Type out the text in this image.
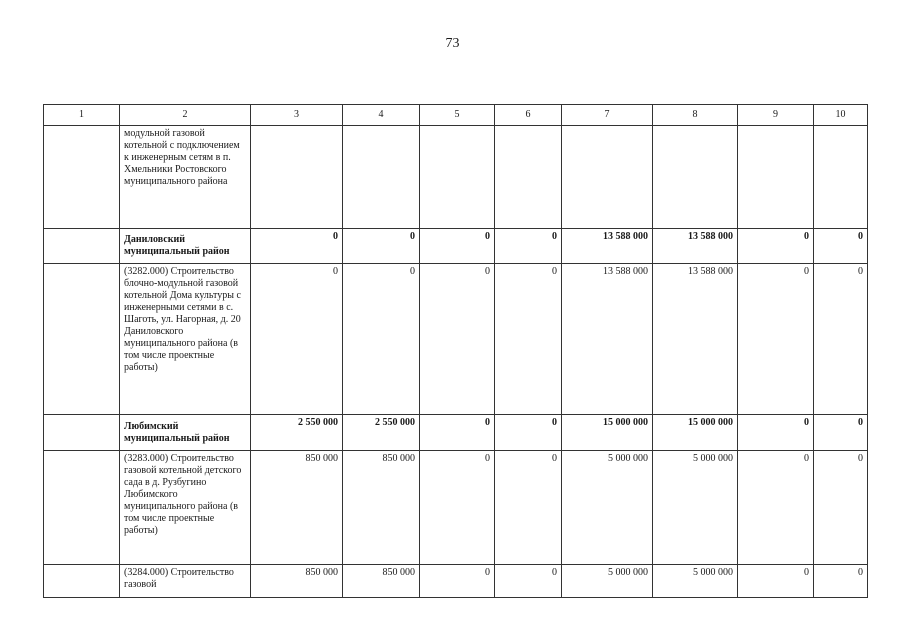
73
1	2	3	4	5	6	7	8	9	10
	модульной газовой котельной с подключением к инженерным сетям в п. Хмельники Ростовского муниципального района								
	Даниловский муниципальный район	0	0	0	0	13 588 000	13 588 000	0	0
	(3282.000) Строительство блочно-модульной газовой котельной Дома культуры с инженерными сетями в с. Шаготь, ул. Нагорная, д. 20 Даниловского муниципального района (в том числе проектные работы)	0	0	0	0	13 588 000	13 588 000	0	0
	Любимский муниципальный район	2 550 000	2 550 000	0	0	15 000 000	15 000 000	0	0
	(3283.000) Строительство газовой котельной детского сада в д. Рузбугино Любимского муниципального района (в том числе проектные работы)	850 000	850 000	0	0	5 000 000	5 000 000	0	0
	(3284.000) Строительство газовой	850 000	850 000	0	0	5 000 000	5 000 000	0	0
